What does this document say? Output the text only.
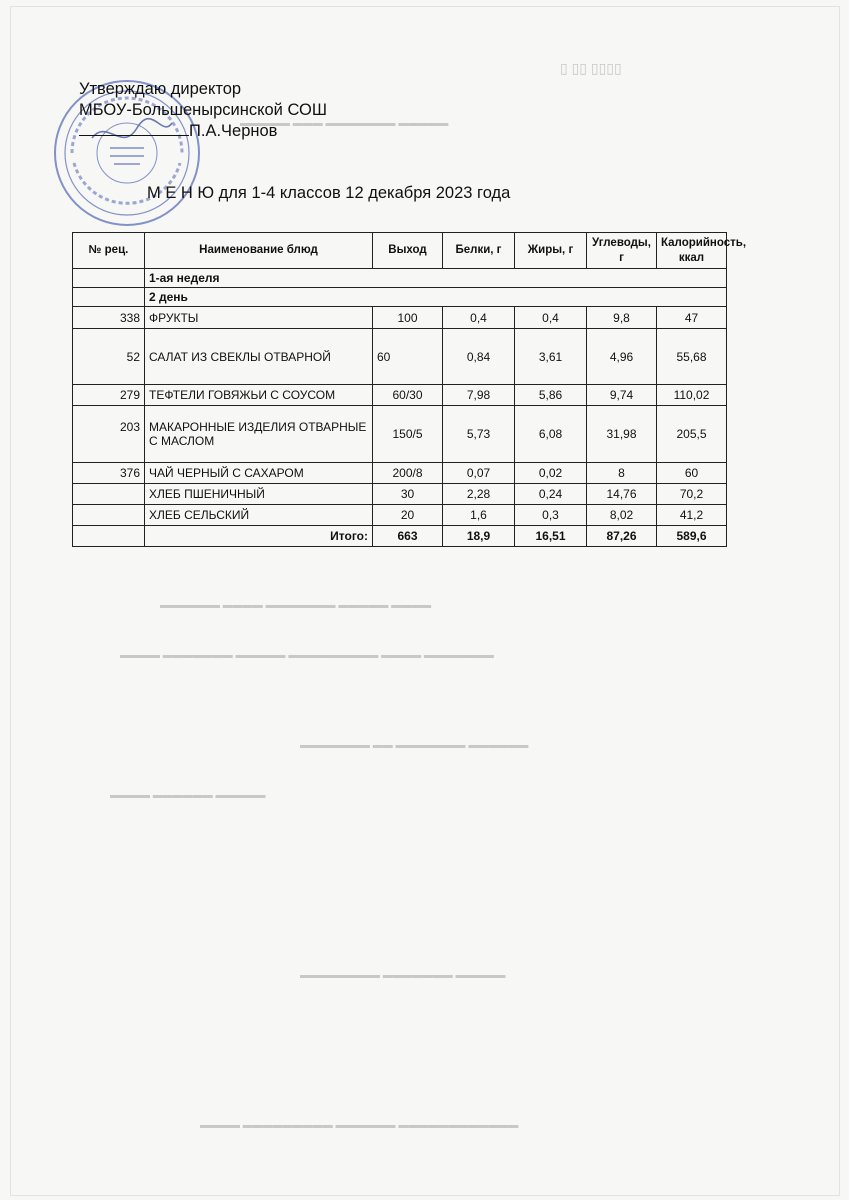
▯ ▯▯ ▯▯▯▯
▬▬▬▬▬ ▬▬▬ ▬▬▬▬▬▬▬ ▬▬▬▬▬
▬▬▬▬▬▬ ▬▬▬▬ ▬▬▬▬▬▬▬ ▬▬▬▬▬ ▬▬▬▬
▬▬▬▬ ▬▬▬▬▬▬▬ ▬▬▬▬▬ ▬▬▬▬▬▬▬▬▬ ▬▬▬▬ ▬▬▬▬▬▬▬
▬▬▬▬▬▬▬ ▬▬ ▬▬▬▬▬▬▬ ▬▬▬▬▬▬
▬▬▬▬ ▬▬▬▬▬▬ ▬▬▬▬▬
▬▬▬▬▬▬▬▬ ▬▬▬▬▬▬▬ ▬▬▬▬▬
▬▬▬▬ ▬▬▬▬▬▬▬▬▬ ▬▬▬▬▬▬ ▬▬▬▬▬▬▬▬▬▬▬▬
Утверждаю директор
МБОУ-Большенырсинской СОШ
П.А.Чернов
М Е Н Ю для 1-4 классов 12 декабря 2023 года
№ рец.	Наименование блюд	Выход	Белки, г	Жиры, г	Углеводы, г	Калорийность, ккал
	1-ая неделя					
	2 день					
338	ФРУКТЫ	100	0,4	0,4	9,8	47
52	САЛАТ ИЗ СВЕКЛЫ ОТВАРНОЙ	60	0,84	3,61	4,96	55,68
279	ТЕФТЕЛИ ГОВЯЖЬИ С СОУСОМ	60/30	7,98	5,86	9,74	110,02
203	МАКАРОННЫЕ ИЗДЕЛИЯ ОТВАРНЫЕ С МАСЛОМ	150/5	5,73	6,08	31,98	205,5
376	ЧАЙ ЧЕРНЫЙ С САХАРОМ	200/8	0,07	0,02	8	60
	ХЛЕБ ПШЕНИЧНЫЙ	30	2,28	0,24	14,76	70,2
	ХЛЕБ СЕЛЬСКИЙ	20	1,6	0,3	8,02	41,2
	Итого:	663	18,9	16,51	87,26	589,6
